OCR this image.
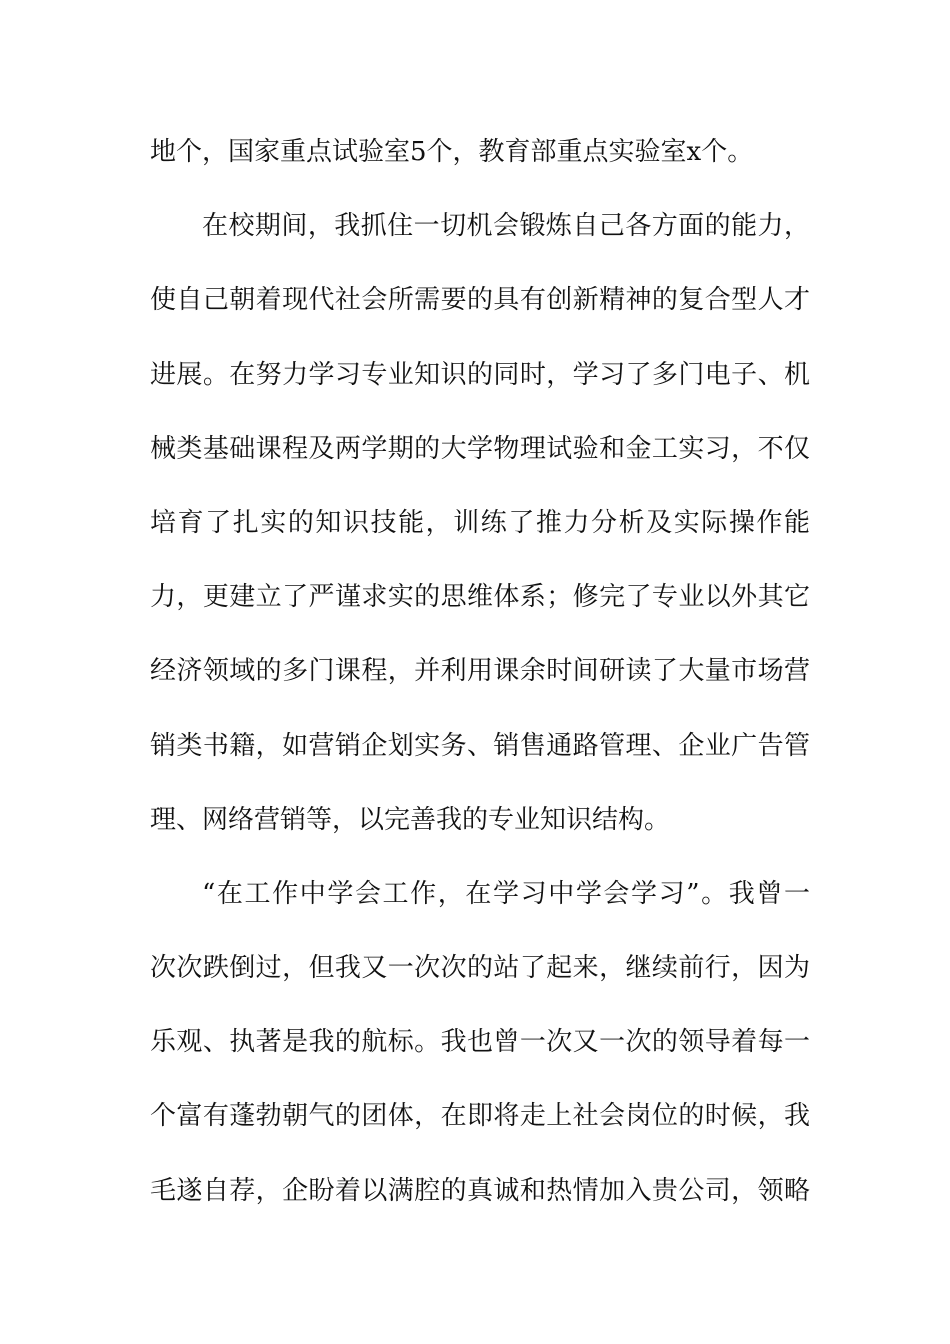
地个，国家重点试验室5个，教育部重点实验室x个。
在校期间，我抓住一切机会锻炼自己各方面的能力，
使自己朝着现代社会所需要的具有创新精神的复合型人才
进展。在努力学习专业知识的同时，学习了多门电子、机
械类基础课程及两学期的大学物理试验和金工实习，不仅
培育了扎实的知识技能，训练了推力分析及实际操作能
力，更建立了严谨求实的思维体系；修完了专业以外其它
经济领域的多门课程，并利用课余时间研读了大量市场营
销类书籍，如营销企划实务、销售通路管理、企业广告管
理、网络营销等，以完善我的专业知识结构。
“在工作中学会工作，在学习中学会学习”。我曾一
次次跌倒过，但我又一次次的站了起来，继续前行，因为
乐观、执著是我的航标。我也曾一次又一次的领导着每一
个富有蓬勃朝气的团体，在即将走上社会岗位的时候，我
毛遂自荐，企盼着以满腔的真诚和热情加入贵公司，领略
